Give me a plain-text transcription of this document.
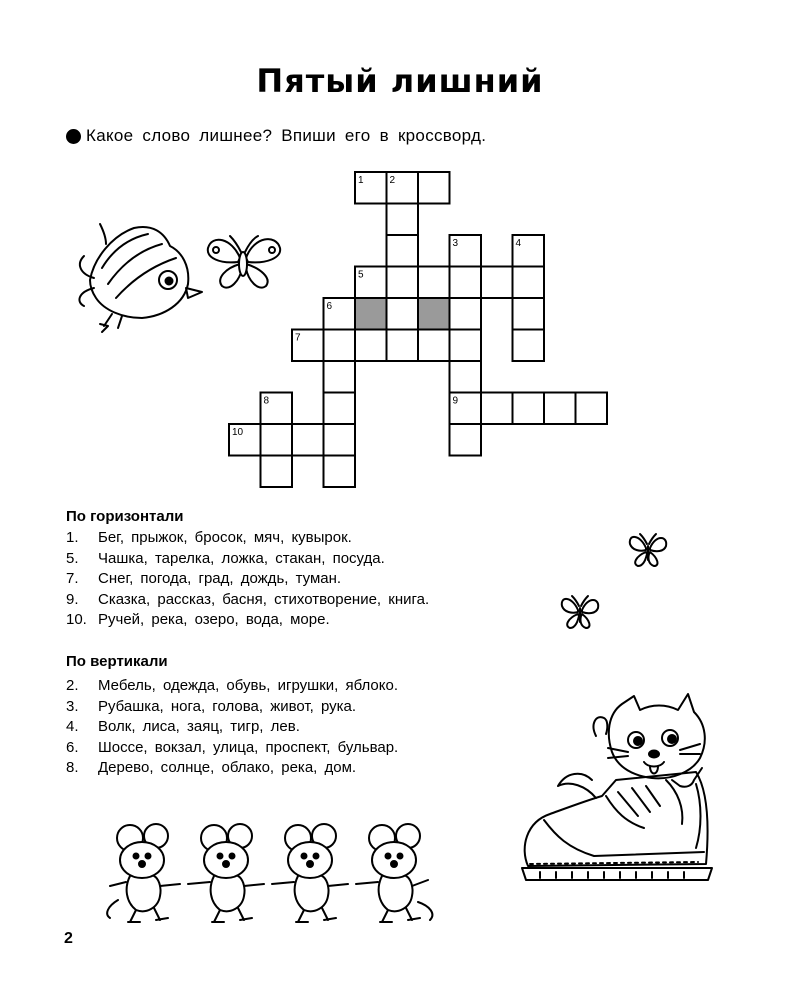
Пятый лишний
Какое слово лишнее? Впиши его в кроссворд.
1	2
3	4
5
6
7
8	9
10
По горизонтали
1. Бег, прыжок, бросок, мяч, кувырок.
5. Чашка, тарелка, ложка, стакан, посуда.
7. Снег, погода, град, дождь, туман.
9. Сказка, рассказ, басня, стихотворение, книга.
10. Ручей, река, озеро, вода, море.
По вертикали
2. Мебель, одежда, обувь, игрушки, яблоко.
3. Рубашка, нога, голова, живот, рука.
4. Волк, лиса, заяц, тигр, лев.
6. Шоссе, вокзал, улица, проспект, бульвар.
8. Дерево, солнце, облако, река, дом.
2
